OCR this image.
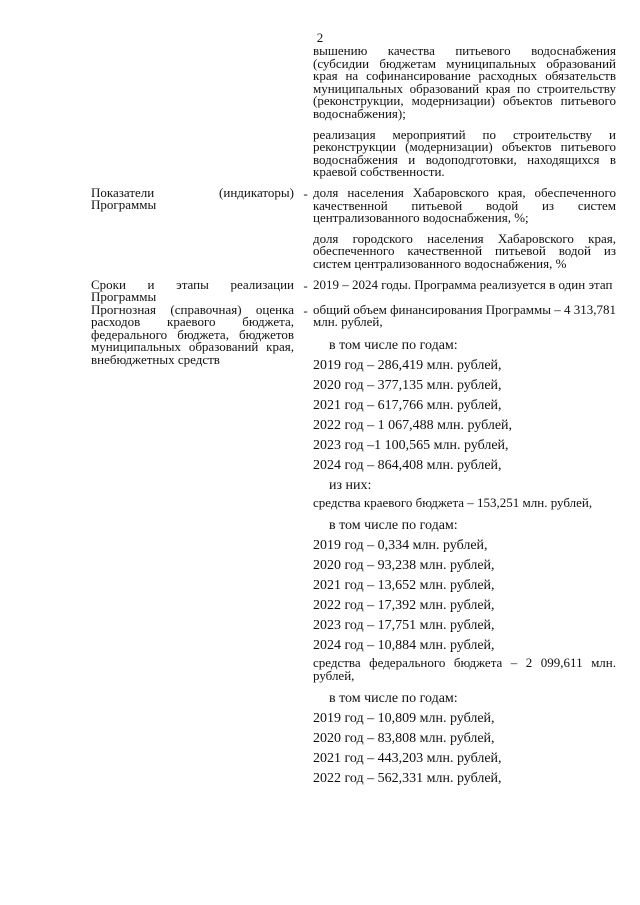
2
вышению качества питьевого водоснабжения (субсидии бюджетам муниципальных образований края на софинансирование расходных обязательств муниципальных образований края по строительству (реконструкции, модернизации) объектов питьевого водоснабжения);
реализация мероприятий по строительству и реконструкции (модернизации) объектов питьевого водоснабжения и водоподготовки, находящихся в краевой собственности.
Показатели (индикаторы) Программы
- доля населения Хабаровского края, обеспеченного качественной питьевой водой из систем централизованного водоснабжения, %;
доля городского населения Хабаровского края, обеспеченного качественной питьевой водой из систем централизованного водоснабжения, %
Сроки и этапы реализации Программы
- 2019 – 2024 годы. Программа реализуется в один этап
Прогнозная (справочная) оценка расходов краевого бюджета, федерального бюджета, бюджетов муниципальных образований края, внебюджетных средств
- общий объем финансирования Программы – 4 313,781 млн. рублей,
в том числе по годам:
2019 год – 286,419 млн. рублей,
2020 год – 377,135 млн. рублей,
2021 год – 617,766 млн. рублей,
2022 год – 1 067,488 млн. рублей,
2023 год –1 100,565 млн. рублей,
2024 год – 864,408 млн. рублей,
из них:
средства краевого бюджета – 153,251 млн. рублей,
в том числе по годам:
2019 год – 0,334 млн. рублей,
2020 год – 93,238 млн. рублей,
2021 год – 13,652 млн. рублей,
2022 год – 17,392 млн. рублей,
2023 год – 17,751 млн. рублей,
2024 год – 10,884 млн. рублей,
средства федерального бюджета – 2 099,611 млн. рублей,
в том числе по годам:
2019 год – 10,809 млн. рублей,
2020 год – 83,808 млн. рублей,
2021 год – 443,203 млн. рублей,
2022 год – 562,331 млн. рублей,
